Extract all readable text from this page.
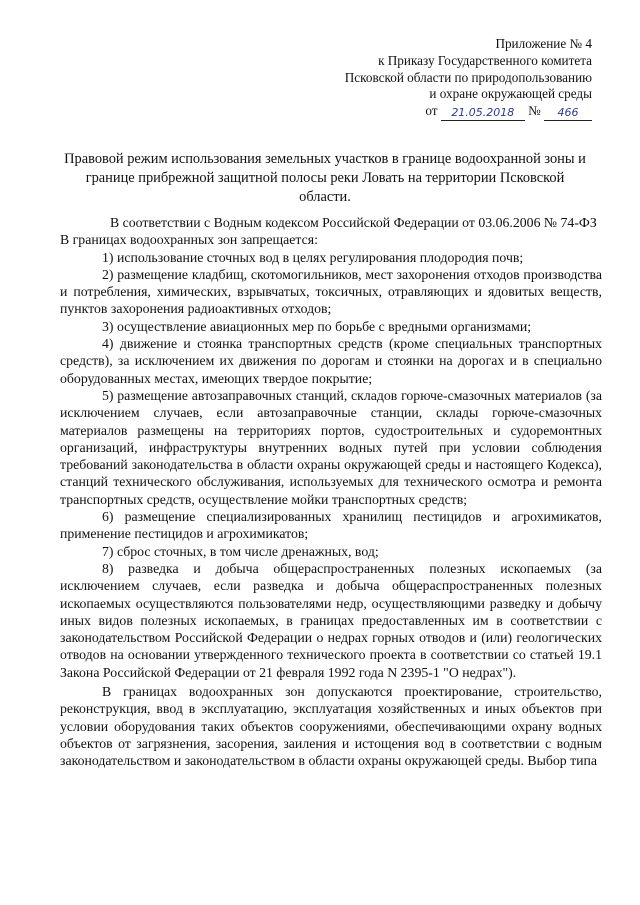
Приложение № 4
к Приказу Государственного комитета
Псковской области по природопользованию
и охране окружающей среды
от 21.05.2018 № 466
Правовой режим использования земельных участков в границе водоохранной зоны и границе прибрежной защитной полосы реки Ловать на территории Псковской области.

В соответствии с Водным кодексом Российской Федерации от 03.06.2006 № 74-ФЗ

В границах водоохранных зон запрещается:

1) использование сточных вод в целях регулирования плодородия почв;

2) размещение кладбищ, скотомогильников, мест захоронения отходов производства и потребления, химических, взрывчатых, токсичных, отравляющих и ядовитых веществ, пунктов захоронения радиоактивных отходов;

3) осуществление авиационных мер по борьбе с вредными организмами;

4) движение и стоянка транспортных средств (кроме специальных транспортных средств), за исключением их движения по дорогам и стоянки на дорогах и в специально оборудованных местах, имеющих твердое покрытие;

5) размещение автозаправочных станций, складов горюче-смазочных материалов (за исключением случаев, если автозаправочные станции, склады горюче-смазочных материалов размещены на территориях портов, судостроительных и судоремонтных организаций, инфраструктуры внутренних водных путей при условии соблюдения требований законодательства в области охраны окружающей среды и настоящего Кодекса), станций технического обслуживания, используемых для технического осмотра и ремонта транспортных средств, осуществление мойки транспортных средств;

6) размещение специализированных хранилищ пестицидов и агрохимикатов, применение пестицидов и агрохимикатов;

7) сброс сточных, в том числе дренажных, вод;

8) разведка и добыча общераспространенных полезных ископаемых (за исключением случаев, если разведка и добыча общераспространенных полезных ископаемых осуществляются пользователями недр, осуществляющими разведку и добычу иных видов полезных ископаемых, в границах предоставленных им в соответствии с законодательством Российской Федерации о недрах горных отводов и (или) геологических отводов на основании утвержденного технического проекта в соответствии со статьей 19.1 Закона Российской Федерации от 21 февраля 1992 года N 2395-1 "О недрах").

В границах водоохранных зон допускаются проектирование, строительство, реконструкция, ввод в эксплуатацию, эксплуатация хозяйственных и иных объектов при условии оборудования таких объектов сооружениями, обеспечивающими охрану водных объектов от загрязнения, засорения, заиления и истощения вод в соответствии с водным законодательством и законодательством в области охраны окружающей среды. Выбор типа
